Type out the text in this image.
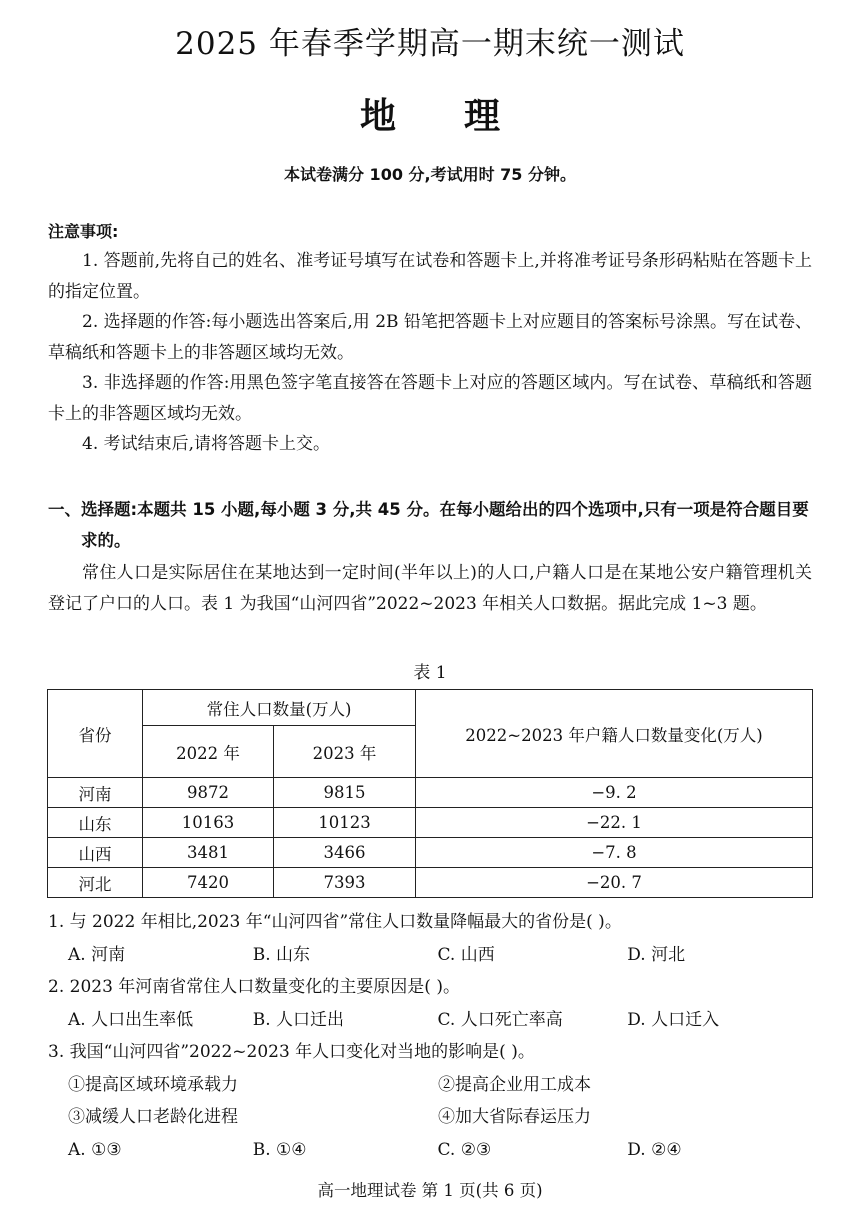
2025 年春季学期高一期末统一测试
地 理
本试卷满分 100 分,考试用时 75 分钟。
注意事项:

1. 答题前,先将自己的姓名、准考证号填写在试卷和答题卡上,并将准考证号条形码粘贴在答题卡上的指定位置。

2. 选择题的作答:每小题选出答案后,用 2B 铅笔把答题卡上对应题目的答案标号涂黑。写在试卷、草稿纸和答题卡上的非答题区域均无效。

3. 非选择题的作答:用黑色签字笔直接答在答题卡上对应的答题区域内。写在试卷、草稿纸和答题卡上的非答题区域均无效。

4. 考试结束后,请将答题卡上交。

一、选择题:本题共 15 小题,每小题 3 分,共 45 分。在每小题给出的四个选项中,只有一项是符合题目要求的。
常住人口是实际居住在某地达到一定时间(半年以上)的人口,户籍人口是在某地公安户籍管理机关登记了户口的人口。表 1 为我国“山河四省”2022~2023 年相关人口数据。据此完成 1~3 题。
表 1
省份	常住人口数量(万人)		2022~2023 年户籍人口数量变化(万人)
	2022 年	2023 年	
河南	9872	9815	−9. 2
山东	10163	10123	−22. 1
山西	3481	3466	−7. 8
河北	7420	7393	−20. 7

1. 与 2022 年相比,2023 年“山河四省”常住人口数量降幅最大的省份是( )。

A. 河南	B. 山东	C. 山西	D. 河北

2. 2023 年河南省常住人口数量变化的主要原因是( )。

A. 人口出生率低	B. 人口迁出	C. 人口死亡率高	D. 人口迁入

3. 我国“山河四省”2022~2023 年人口变化对当地的影响是( )。

①提高区域环境承载力	②提高企业用工成本
③减缓人口老龄化进程	④加大省际春运压力
A. ①③	B. ①④	C. ②③	D. ②④
高一地理试卷 第 1 页(共 6 页)
